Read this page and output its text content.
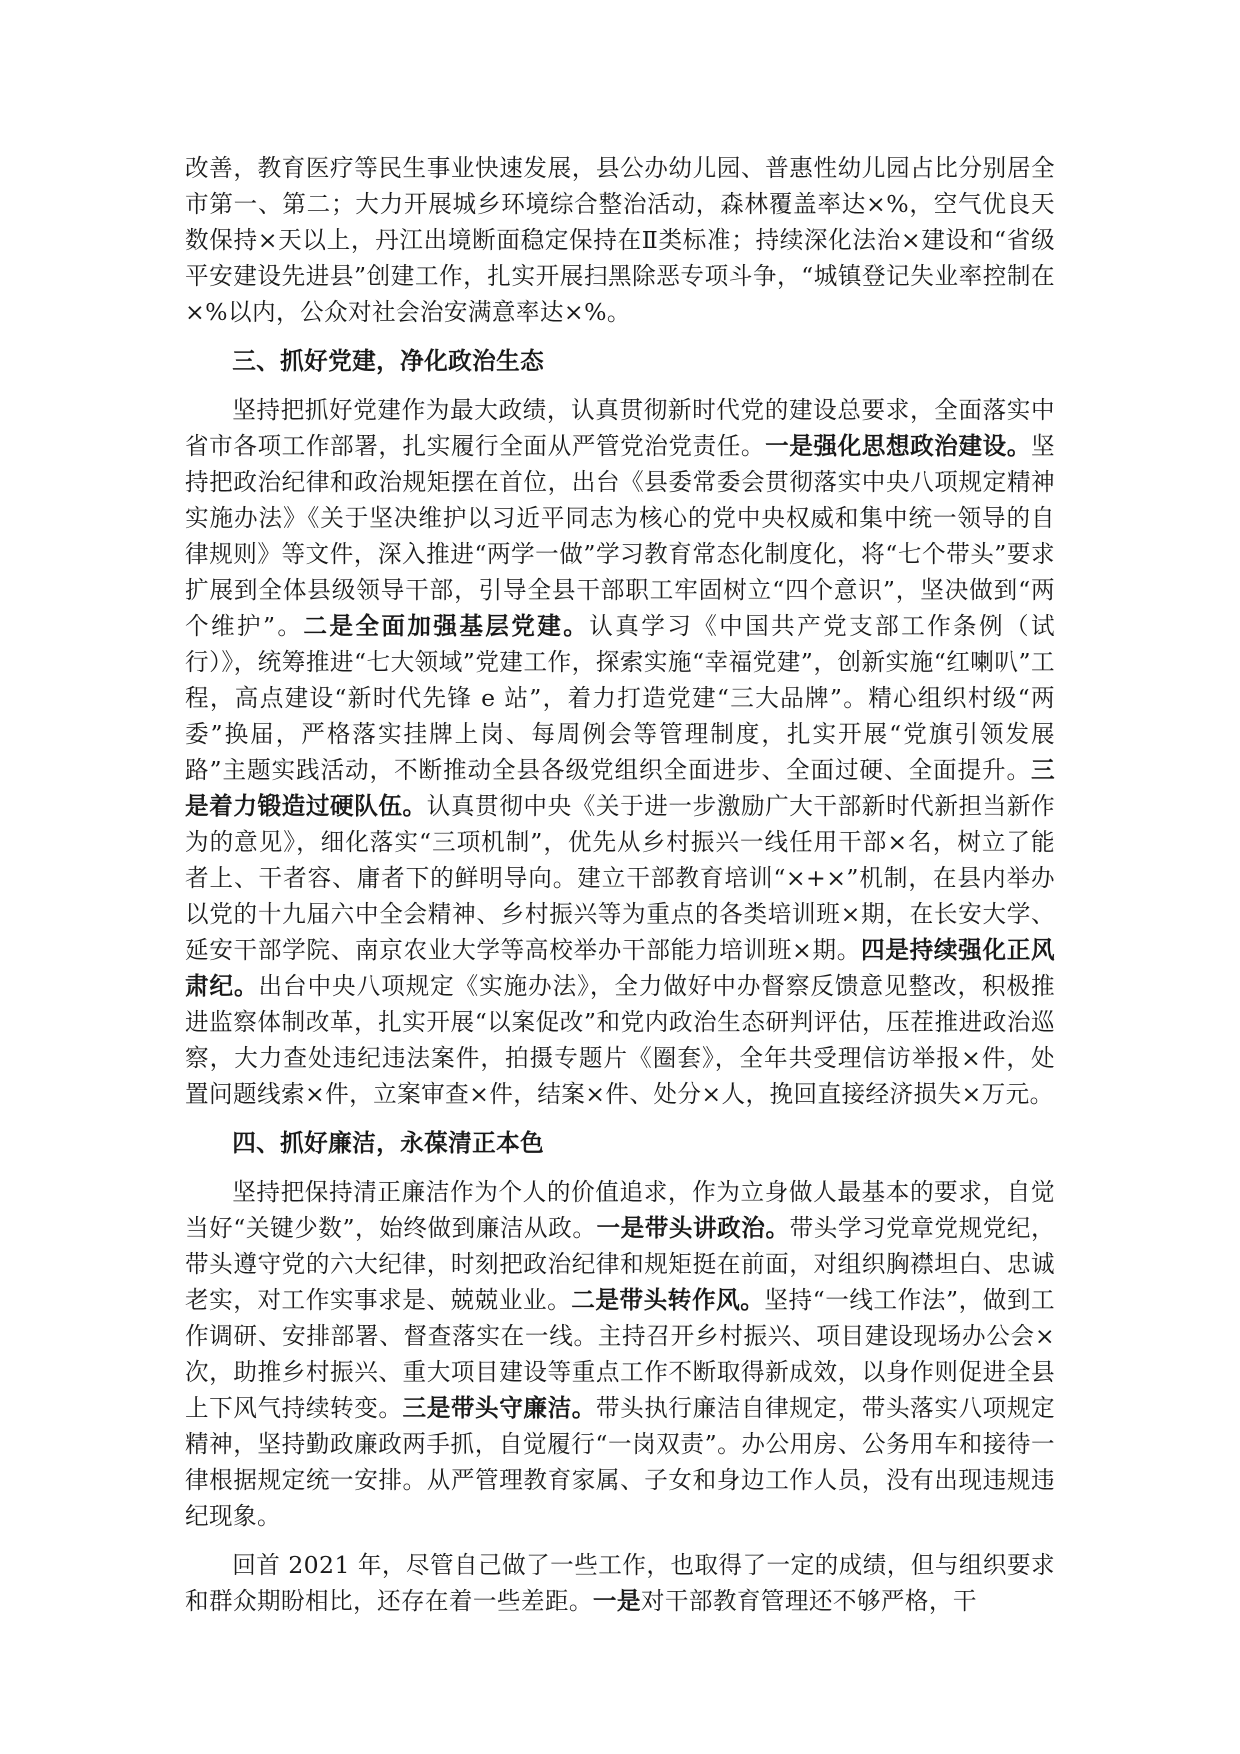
改善，教育医疗等民生事业快速发展，县公办幼儿园、普惠性幼儿园占比分别居全市第一、第二；大力开展城乡环境综合整治活动，森林覆盖率达×%，空气优良天数保持×天以上，丹江出境断面稳定保持在Ⅱ类标准；持续深化法治×建设和“省级平安建设先进县”创建工作，扎实开展扫黑除恶专项斗争，“城镇登记失业率控制在×%以内，公众对社会治安满意率达×%。

三、抓好党建，净化政治生态

坚持把抓好党建作为最大政绩，认真贯彻新时代党的建设总要求，全面落实中省市各项工作部署，扎实履行全面从严管党治党责任。一是强化思想政治建设。坚持把政治纪律和政治规矩摆在首位，出台《县委常委会贯彻落实中央八项规定精神实施办法》《关于坚决维护以习近平同志为核心的党中央权威和集中统一领导的自律规则》等文件，深入推进“两学一做”学习教育常态化制度化，将“七个带头”要求扩展到全体县级领导干部，引导全县干部职工牢固树立“四个意识”，坚决做到“两个维护”。二是全面加强基层党建。认真学习《中国共产党支部工作条例（试行）》，统筹推进“七大领域”党建工作，探索实施“幸福党建”，创新实施“红喇叭”工程，高点建设“新时代先锋 e 站”，着力打造党建“三大品牌”。精心组织村级“两委”换届，严格落实挂牌上岗、每周例会等管理制度，扎实开展“党旗引领发展路”主题实践活动，不断推动全县各级党组织全面进步、全面过硬、全面提升。三是着力锻造过硬队伍。认真贯彻中央《关于进一步激励广大干部新时代新担当新作为的意见》，细化落实“三项机制”，优先从乡村振兴一线任用干部×名，树立了能者上、干者容、庸者下的鲜明导向。建立干部教育培训“×+×”机制，在县内举办以党的十九届六中全会精神、乡村振兴等为重点的各类培训班×期，在长安大学、延安干部学院、南京农业大学等高校举办干部能力培训班×期。四是持续强化正风肃纪。出台中央八项规定《实施办法》，全力做好中办督察反馈意见整改，积极推进监察体制改革，扎实开展“以案促改”和党内政治生态研判评估，压茬推进政治巡察，大力查处违纪违法案件，拍摄专题片《圈套》，全年共受理信访举报×件，处置问题线索×件，立案审查×件，结案×件、处分×人，挽回直接经济损失×万元。

四、抓好廉洁，永葆清正本色

坚持把保持清正廉洁作为个人的价值追求，作为立身做人最基本的要求，自觉当好“关键少数”，始终做到廉洁从政。一是带头讲政治。带头学习党章党规党纪，带头遵守党的六大纪律，时刻把政治纪律和规矩挺在前面，对组织胸襟坦白、忠诚老实，对工作实事求是、兢兢业业。二是带头转作风。坚持“一线工作法”，做到工作调研、安排部署、督查落实在一线。主持召开乡村振兴、项目建设现场办公会×次，助推乡村振兴、重大项目建设等重点工作不断取得新成效，以身作则促进全县上下风气持续转变。三是带头守廉洁。带头执行廉洁自律规定，带头落实八项规定精神，坚持勤政廉政两手抓，自觉履行“一岗双责”。办公用房、公务用车和接待一律根据规定统一安排。从严管理教育家属、子女和身边工作人员，没有出现违规违纪现象。

回首 2021 年，尽管自己做了一些工作，也取得了一定的成绩，但与组织要求和群众期盼相比，还存在着一些差距。一是对干部教育管理还不够严格，干
